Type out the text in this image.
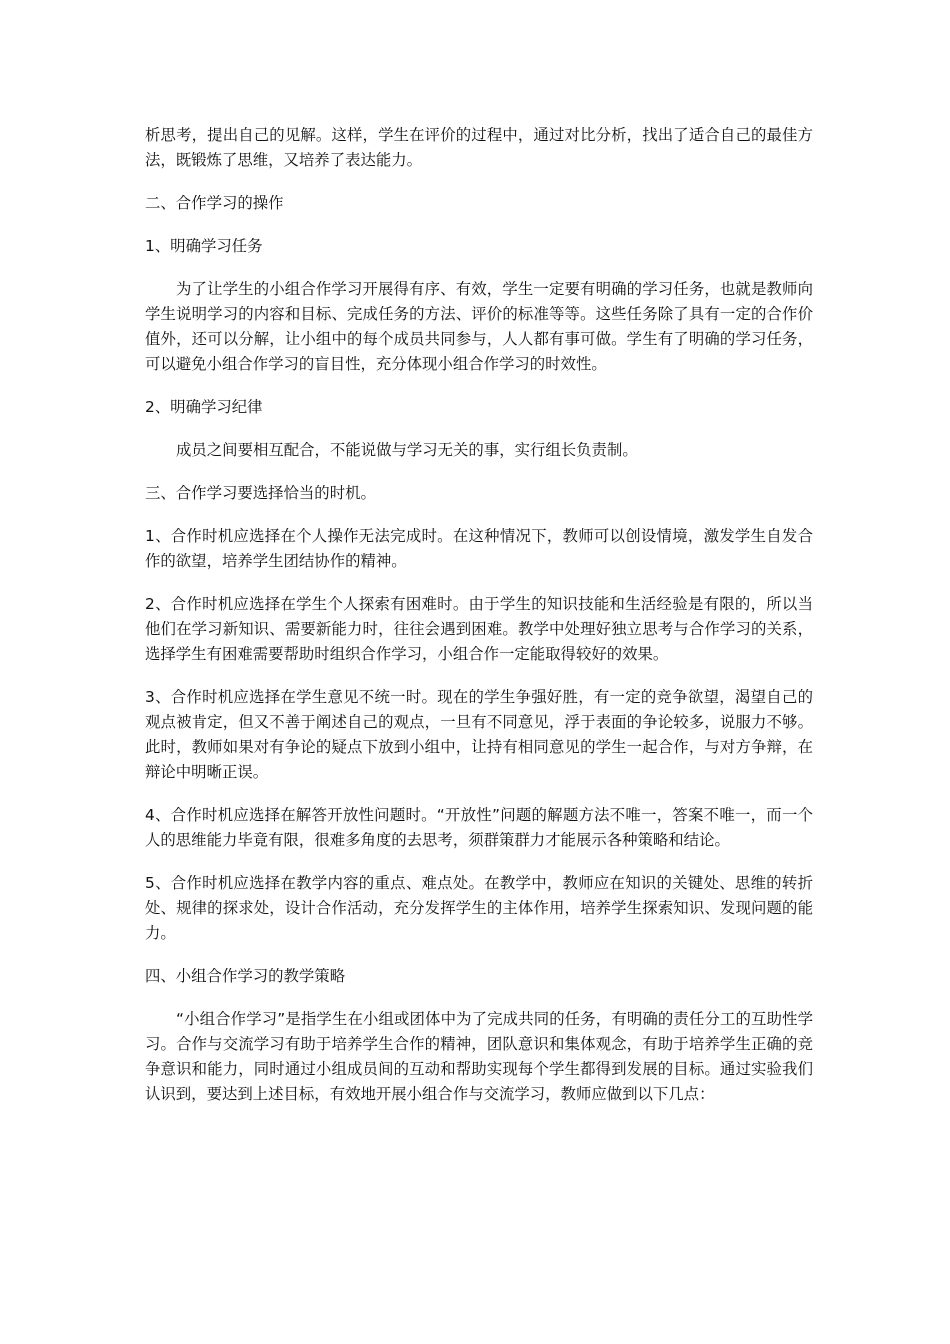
析思考，提出自己的见解。这样，学生在评价的过程中，通过对比分析，找出了适合自己的最佳方法，既锻炼了思维，又培养了表达能力。

二、合作学习的操作

1、明确学习任务

为了让学生的小组合作学习开展得有序、有效，学生一定要有明确的学习任务，也就是教师向学生说明学习的内容和目标、完成任务的方法、评价的标准等等。这些任务除了具有一定的合作价值外，还可以分解，让小组中的每个成员共同参与，人人都有事可做。学生有了明确的学习任务，可以避免小组合作学习的盲目性，充分体现小组合作学习的时效性。

2、明确学习纪律

成员之间要相互配合，不能说做与学习无关的事，实行组长负责制。

三、合作学习要选择恰当的时机。

1、合作时机应选择在个人操作无法完成时。在这种情况下，教师可以创设情境，激发学生自发合作的欲望，培养学生团结协作的精神。

2、合作时机应选择在学生个人探索有困难时。由于学生的知识技能和生活经验是有限的，所以当他们在学习新知识、需要新能力时，往往会遇到困难。教学中处理好独立思考与合作学习的关系，选择学生有困难需要帮助时组织合作学习，小组合作一定能取得较好的效果。

3、合作时机应选择在学生意见不统一时。现在的学生争强好胜，有一定的竞争欲望，渴望自己的观点被肯定，但又不善于阐述自己的观点，一旦有不同意见，浮于表面的争论较多，说服力不够。此时，教师如果对有争论的疑点下放到小组中，让持有相同意见的学生一起合作，与对方争辩，在辩论中明晰正误。

4、合作时机应选择在解答开放性问题时。“开放性”问题的解题方法不唯一，答案不唯一，而一个人的思维能力毕竟有限，很难多角度的去思考，须群策群力才能展示各种策略和结论。

5、合作时机应选择在教学内容的重点、难点处。在教学中，教师应在知识的关键处、思维的转折处、规律的探求处，设计合作活动，充分发挥学生的主体作用，培养学生探索知识、发现问题的能力。

四、小组合作学习的教学策略

“小组合作学习”是指学生在小组或团体中为了完成共同的任务，有明确的责任分工的互助性学习。合作与交流学习有助于培养学生合作的精神，团队意识和集体观念，有助于培养学生正确的竞争意识和能力，同时通过小组成员间的互动和帮助实现每个学生都得到发展的目标。通过实验我们认识到，要达到上述目标，有效地开展小组合作与交流学习，教师应做到以下几点：
